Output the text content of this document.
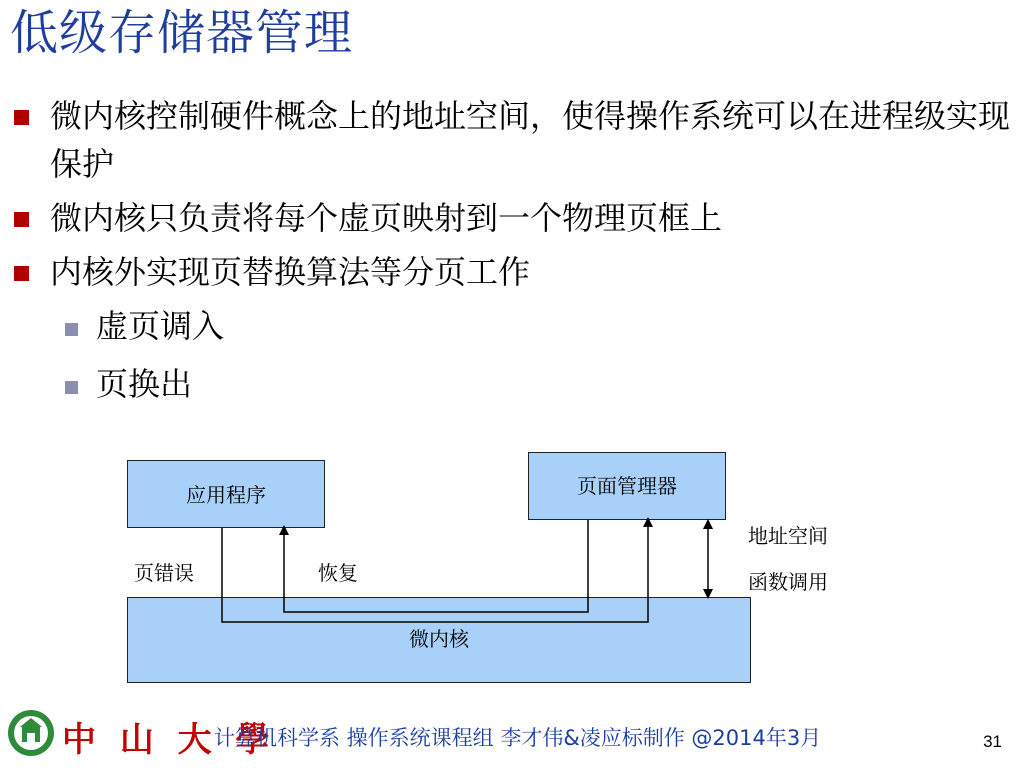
低级存储器管理
微内核控制硬件概念上的地址空间，使得操作系统可以在进程级实现保护
微内核只负责将每个虚页映射到一个物理页框上
内核外实现页替换算法等分页工作
虚页调入
页换出
应用程序	页面管理器
微内核
页错误	恢复
地址空间
函数调用
中 山 大 學
计算机科学系 操作系统课程组 李才伟&凌应标制作 @2014年3月	31
